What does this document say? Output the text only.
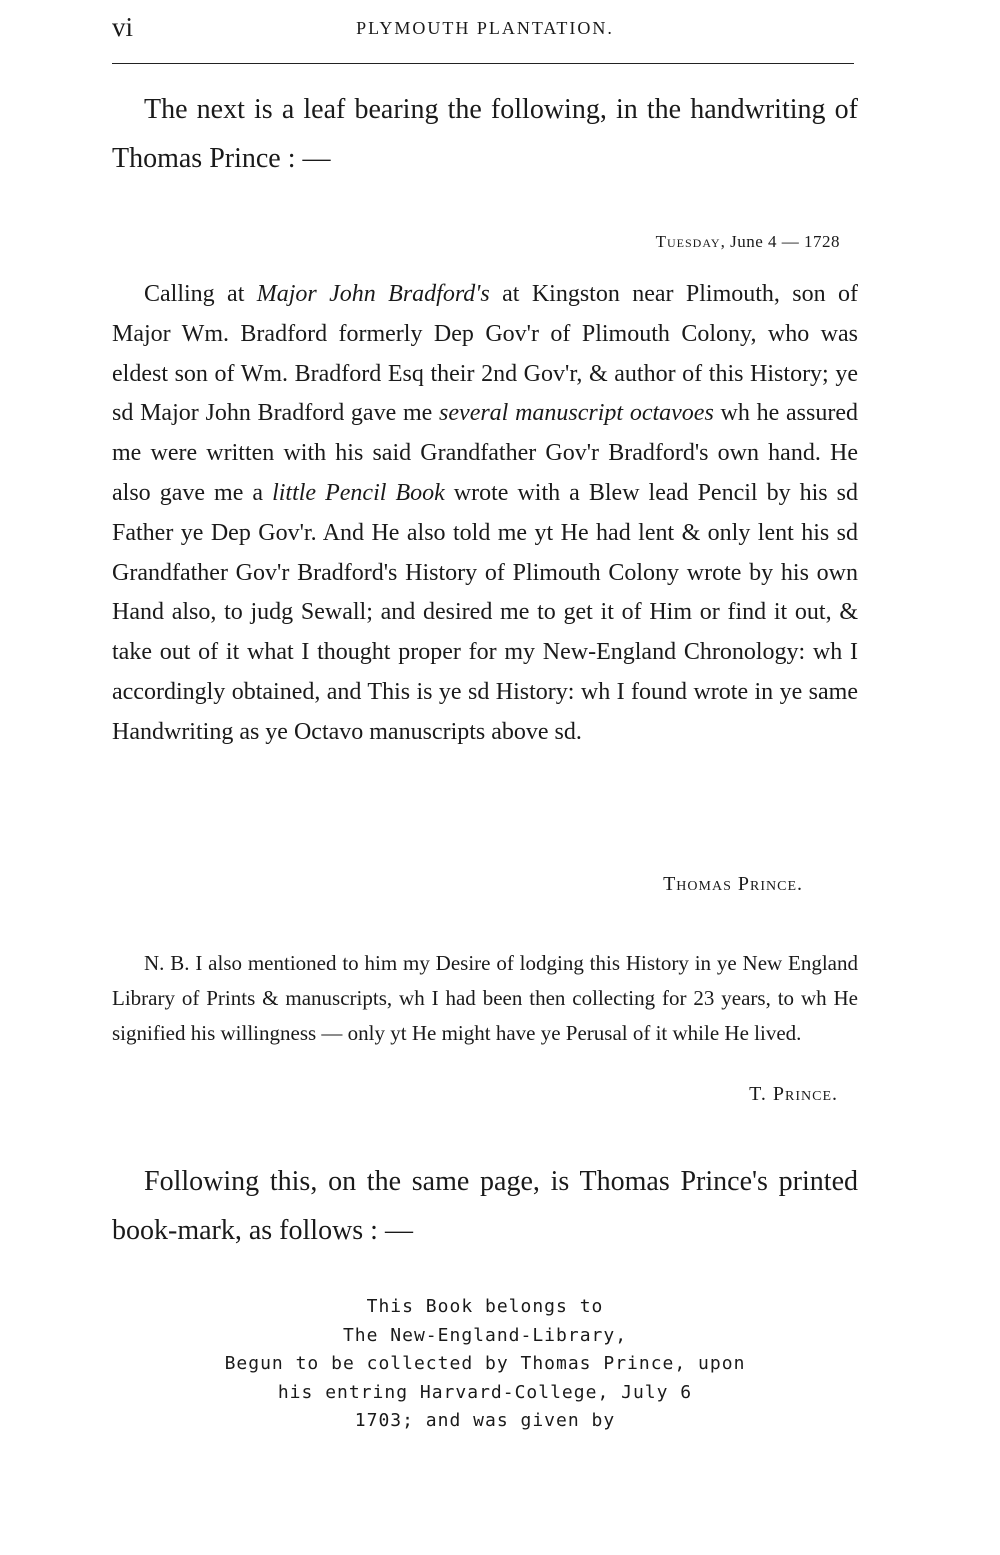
vi	PLYMOUTH PLANTATION.

The next is a leaf bearing the following, in the handwriting of Thomas Prince : —

Tuesday, June 4 — 1728

Calling at Major John Bradford's at Kingston near Plimouth, son of Major Wm. Bradford formerly Dep Gov'r of Plimouth Colony, who was eldest son of Wm. Bradford Esq their 2nd Gov'r, & author of this History; ye sd Major John Bradford gave me several manuscript octavoes wh he assured me were written with his said Grandfather Gov'r Bradford's own hand. He also gave me a little Pencil Book wrote with a Blew lead Pencil by his sd Father ye Dep Gov'r. And He also told me yt He had lent & only lent his sd Grandfather Gov'r Bradford's History of Plimouth Colony wrote by his own Hand also, to judg Sewall; and desired me to get it of Him or find it out, & take out of it what I thought proper for my New-England Chronology: wh I accordingly obtained, and This is ye sd History: wh I found wrote in ye same Handwriting as ye Octavo manuscripts above sd.

Thomas Prince.

N. B. I also mentioned to him my Desire of lodging this History in ye New England Library of Prints & manuscripts, wh I had been then collecting for 23 years, to wh He signified his willingness — only yt He might have ye Perusal of it while He lived.

T. Prince.

Following this, on the same page, is Thomas Prince's printed book-mark, as follows : —

This Book belongs to
The New-England-Library,
Begun to be collected by Thomas Prince, upon
his entring Harvard-College, July 6
1703; and was given by
